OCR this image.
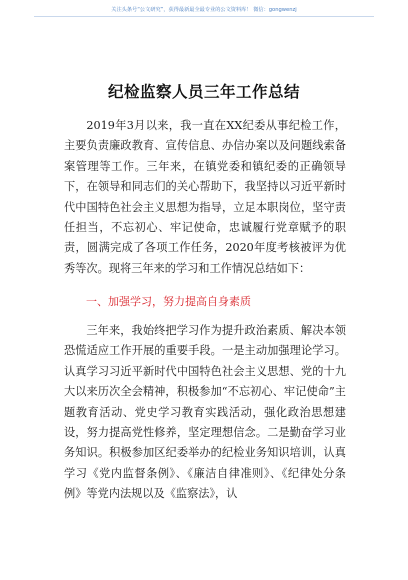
关注头条号“公文研究”，获得最新最全最专业的公文资料库！ 微信：gongwenzj
纪检监察人员三年工作总结

2019年3月以来，我一直在XX纪委从事纪检工作，主要负责廉政教育、宣传信息、办信办案以及问题线索备案管理等工作。三年来，在镇党委和镇纪委的正确领导下，在领导和同志们的关心帮助下，我坚持以习近平新时代中国特色社会主义思想为指导，立足本职岗位，坚守责任担当，不忘初心、牢记使命，忠诚履行党章赋予的职责，圆满完成了各项工作任务，2020年度考核被评为优秀等次。现将三年来的学习和工作情况总结如下：

一、加强学习，努力提高自身素质

三年来，我始终把学习作为提升政治素质、解决本领恐慌适应工作开展的重要手段。一是主动加强理论学习。认真学习习近平新时代中国特色社会主义思想、党的十九大以来历次全会精神，积极参加“不忘初心、牢记使命”主题教育活动、党史学习教育实践活动，强化政治思想建设，努力提高党性修养，坚定理想信念。二是勤奋学习业务知识。积极参加区纪委举办的纪检业务知识培训，认真学习《党内监督条例》、《廉洁自律准则》、《纪律处分条例》等党内法规以及《监察法》，认
